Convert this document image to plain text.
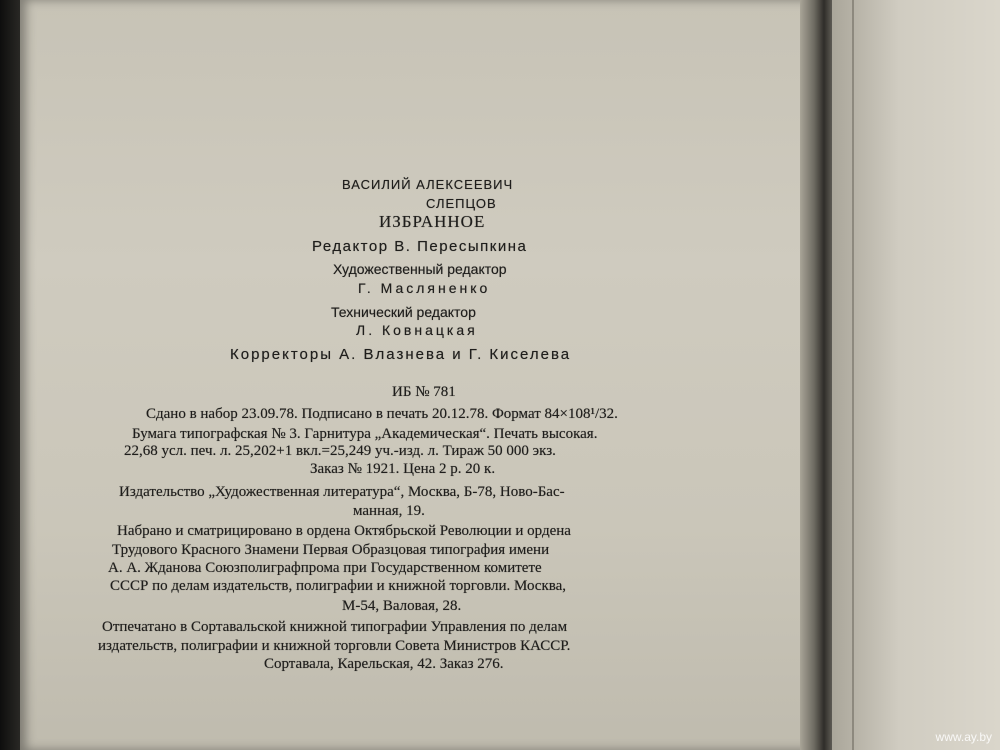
ВАСИЛИЙ АЛЕКСЕЕВИЧ

СЛЕПЦОВ

ИЗБРАННОЕ

Редактор В. Пересыпкина

Художественный редактор

Г. Масляненко

Технический редактор

Л. Ковнацкая

Корректоры А. Влазнева и Г. Киселева

ИБ № 781

Сдано в набор 23.09.78. Подписано в печать 20.12.78. Формат 84×108¹/32.

Бумага типографская № 3. Гарнитура „Академическая“. Печать высокая.

22,68 усл. печ. л. 25,202+1 вкл.=25,249 уч.-изд. л. Тираж 50 000 экз.

Заказ № 1921. Цена 2 р. 20 к.

Издательство „Художественная литература“, Москва, Б-78, Ново-Бас-

манная, 19.

Набрано и сматрицировано в ордена Октябрьской Революции и ордена

Трудового Красного Знамени Первая Образцовая типография имени

А. А. Жданова Союзполиграфпрома при Государственном комитете

СССР по делам издательств, полиграфии и книжной торговли. Москва,

М-54, Валовая, 28.

Отпечатано в Сортавальской книжной типографии Управления по делам

издательств, полиграфии и книжной торговли Совета Министров КАССР.

Сортавала, Карельская, 42. Заказ 276.

www.ay.by
